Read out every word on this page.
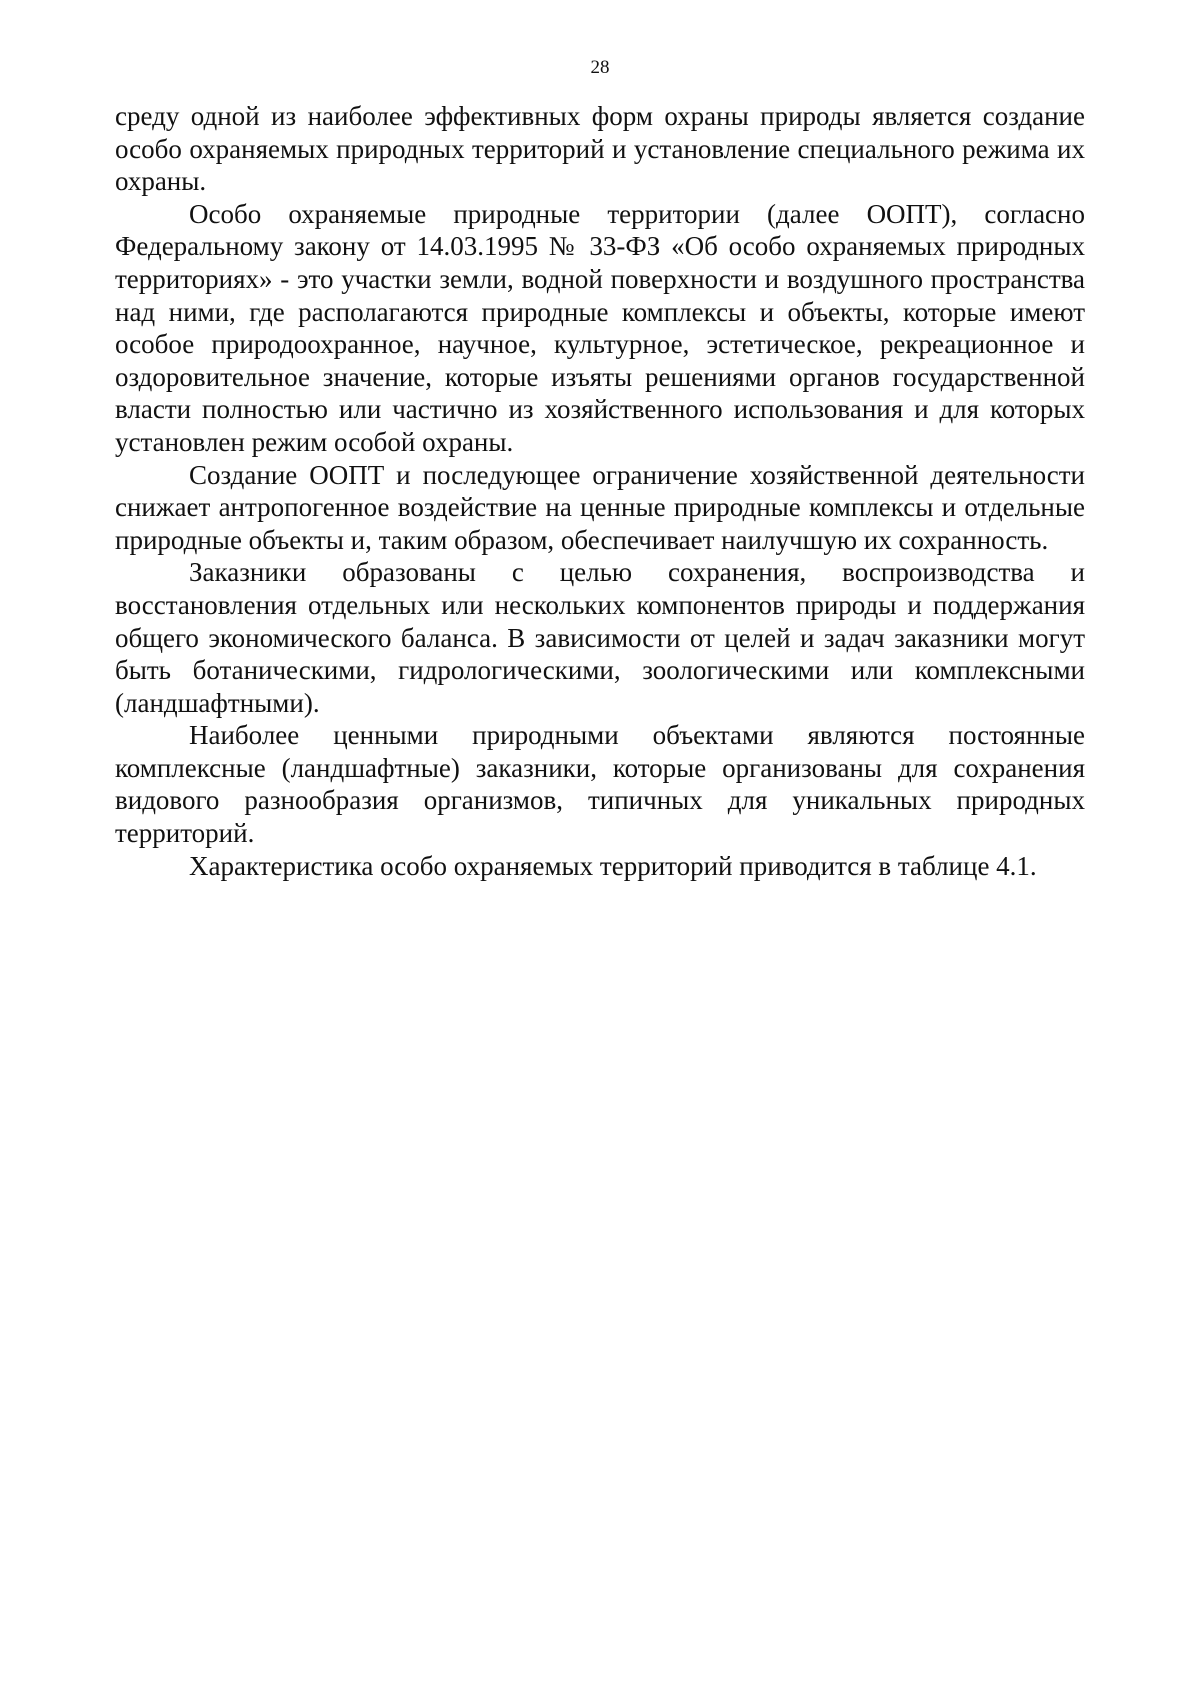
28

среду одной из наиболее эффективных форм охраны природы является создание особо охраняемых природных территорий и установление специального режима их охраны.

Особо охраняемые природные территории (далее ООПТ), согласно Федеральному закону от 14.03.1995 № 33-ФЗ «Об особо охраняемых природных территориях» - это участки земли, водной поверхности и воздушного пространства над ними, где располагаются природные комплексы и объекты, которые имеют особое природоохранное, научное, культурное, эстетическое, рекреационное и оздоровительное значение, которые изъяты решениями органов государственной власти полностью или частично из хозяйственного использования и для которых установлен режим особой охраны.

Создание ООПТ и последующее ограничение хозяйственной деятельности снижает антропогенное воздействие на ценные природные комплексы и отдельные природные объекты и, таким образом, обеспечивает наилучшую их сохранность.

Заказники образованы с целью сохранения, воспроизводства и восстановления отдельных или нескольких компонентов природы и поддержания общего экономического баланса. В зависимости от целей и задач заказники могут быть ботаническими, гидрологическими, зоологическими или комплексными (ландшафтными).

Наиболее ценными природными объектами являются постоянные комплексные (ландшафтные) заказники, которые организованы для сохранения видового разнообразия организмов, типичных для уникальных природных территорий.

Характеристика особо охраняемых территорий приводится в таблице 4.1.
